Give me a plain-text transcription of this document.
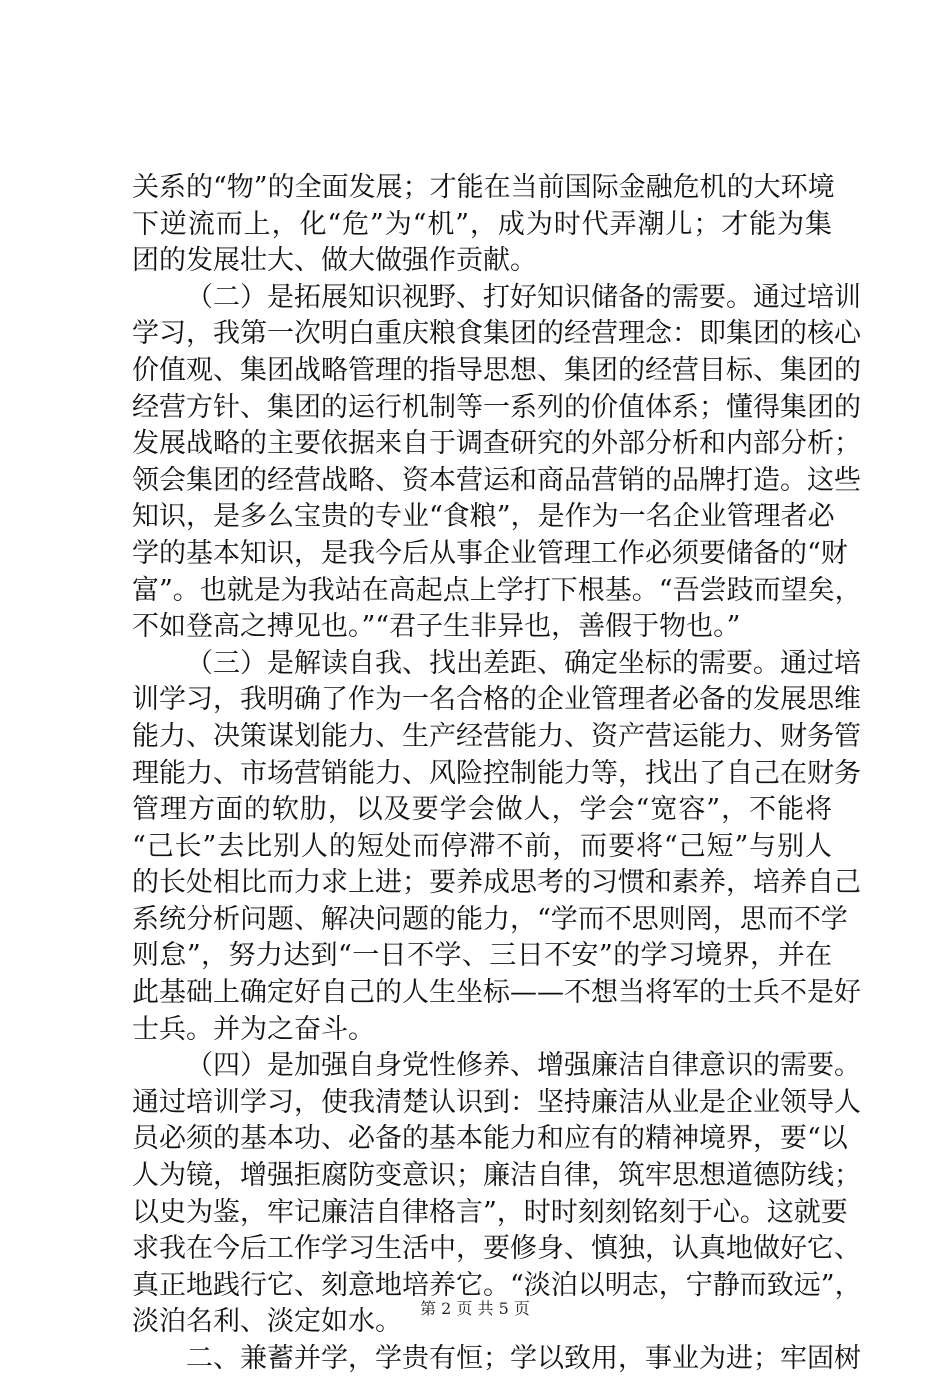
关系的“物”的全面发展；才能在当前国际金融危机的大环境
下逆流而上，化“危”为“机”，成为时代弄潮儿；才能为集
团的发展壮大、做大做强作贡献。
（二）是拓展知识视野、打好知识储备的需要。通过培训
学习，我第一次明白重庆粮食集团的经营理念：即集团的核心
价值观、集团战略管理的指导思想、集团的经营目标、集团的
经营方针、集团的运行机制等一系列的价值体系；懂得集团的
发展战略的主要依据来自于调查研究的外部分析和内部分析；
领会集团的经营战略、资本营运和商品营销的品牌打造。这些
知识，是多么宝贵的专业“食粮”，是作为一名企业管理者必
学的基本知识，是我今后从事企业管理工作必须要储备的“财
富”。也就是为我站在高起点上学打下根基。“吾尝跂而望矣，
不如登高之搏见也。”“君子生非异也，善假于物也。”
（三）是解读自我、找出差距、确定坐标的需要。通过培
训学习，我明确了作为一名合格的企业管理者必备的发展思维
能力、决策谋划能力、生产经营能力、资产营运能力、财务管
理能力、市场营销能力、风险控制能力等，找出了自己在财务
管理方面的软肋，以及要学会做人，学会“宽容”，不能将
“己长”去比别人的短处而停滞不前，而要将“己短”与别人
的长处相比而力求上进；要养成思考的习惯和素养，培养自己
系统分析问题、解决问题的能力，“学而不思则罔，思而不学
则怠”，努力达到“一日不学、三日不安”的学习境界，并在
此基础上确定好自己的人生坐标——不想当将军的士兵不是好
士兵。并为之奋斗。
（四）是加强自身党性修养、增强廉洁自律意识的需要。
通过培训学习，使我清楚认识到：坚持廉洁从业是企业领导人
员必须的基本功、必备的基本能力和应有的精神境界，要“以
人为镜，增强拒腐防变意识；廉洁自律，筑牢思想道德防线；
以史为鉴，牢记廉洁自律格言”，时时刻刻铭刻于心。这就要
求我在今后工作学习生活中，要修身、慎独，认真地做好它、
真正地践行它、刻意地培养它。“淡泊以明志，宁静而致远”，
淡泊名利、淡定如水。
二、兼蓄并学，学贵有恒；学以致用，事业为进；牢固树
第 2 页 共 5 页
